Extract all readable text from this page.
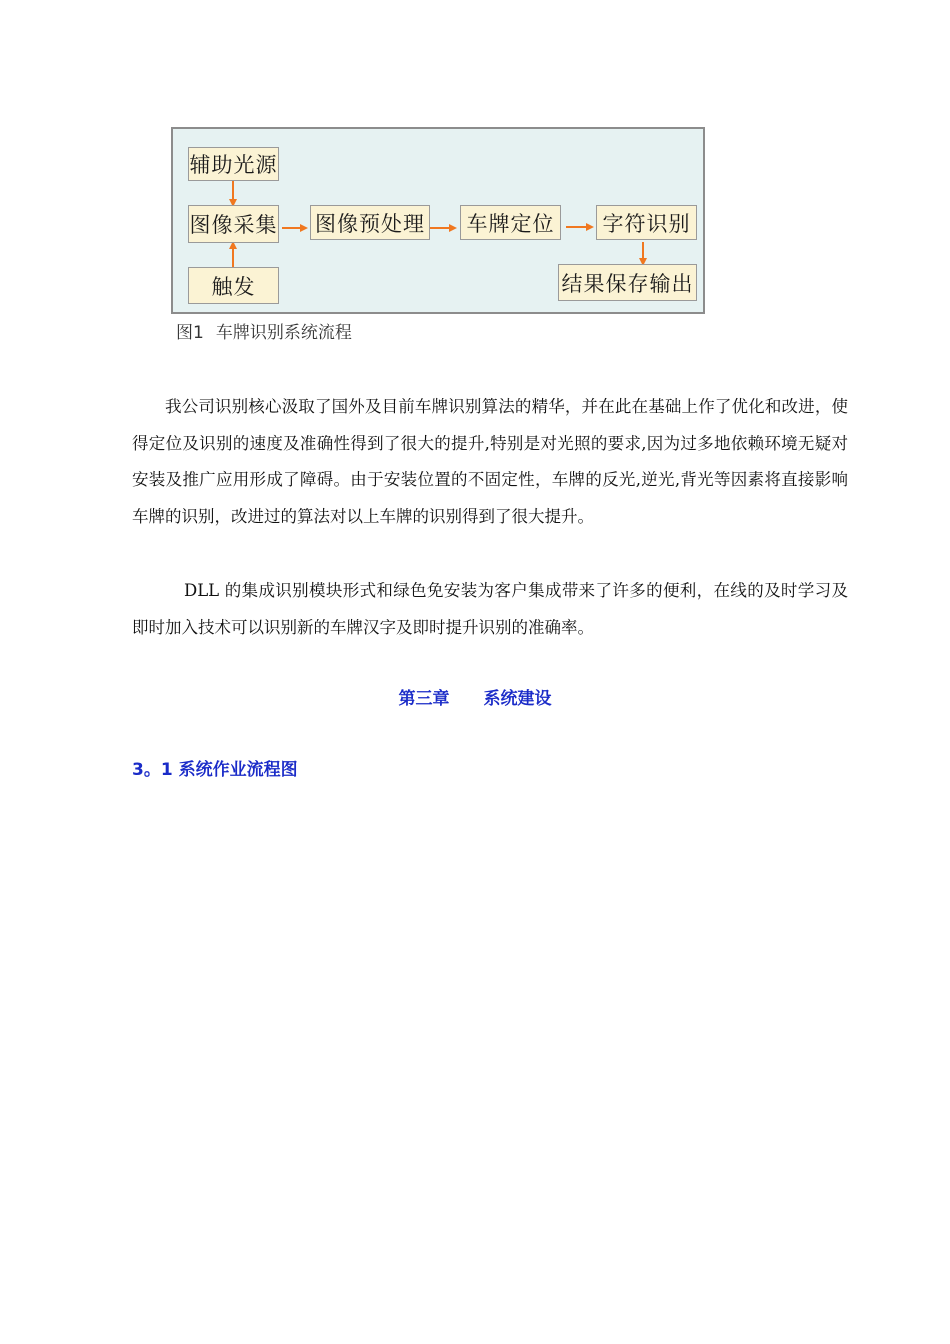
辅助光源
图像采集
触发
图像预处理	车牌定位	字符识别
结果保存输出
图1 车牌识别系统流程

我公司识别核心汲取了国外及目前车牌识别算法的精华，并在此在基础上作了优化和改进，使得定位及识别的速度及准确性得到了很大的提升,特别是对光照的要求,因为过多地依赖环境无疑对安装及推广应用形成了障碍。由于安装位置的不固定性，车牌的反光,逆光,背光等因素将直接影响车牌的识别，改进过的算法对以上车牌的识别得到了很大提升。

DLL 的集成识别模块形式和绿色免安装为客户集成带来了许多的便利，在线的及时学习及即时加入技术可以识别新的车牌汉字及即时提升识别的准确率。

第三章　　系统建设
3。1 系统作业流程图
